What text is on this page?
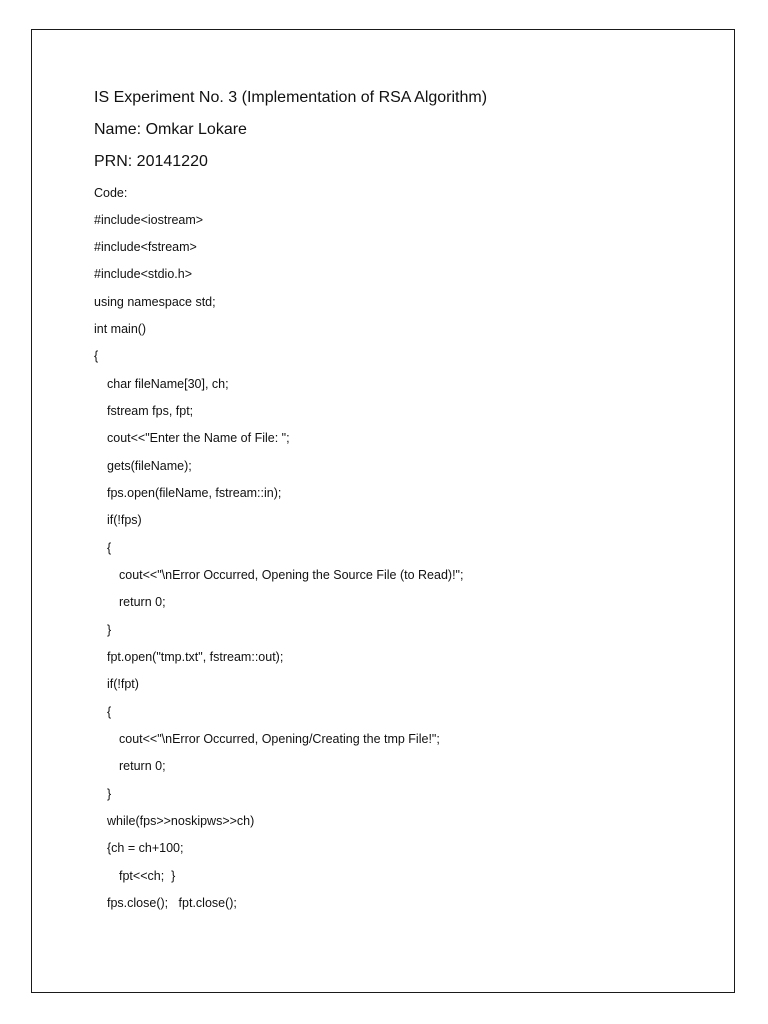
IS Experiment No. 3 (Implementation of RSA Algorithm)
Name: Omkar Lokare
PRN: 20141220
Code:
#include<iostream>
#include<fstream>
#include<stdio.h>
using namespace std;
int main()
{
char fileName[30], ch;
fstream fps, fpt;
cout<<"Enter the Name of File: ";
gets(fileName);
fps.open(fileName, fstream::in);
if(!fps)
{
cout<<"\nError Occurred, Opening the Source File (to Read)!";
return 0;
}
fpt.open("tmp.txt", fstream::out);
if(!fpt)
{
cout<<"\nError Occurred, Opening/Creating the tmp File!";
return 0;
}
while(fps>>noskipws>>ch)
{ch = ch+100;
fpt<<ch;  }
fps.close();   fpt.close();
